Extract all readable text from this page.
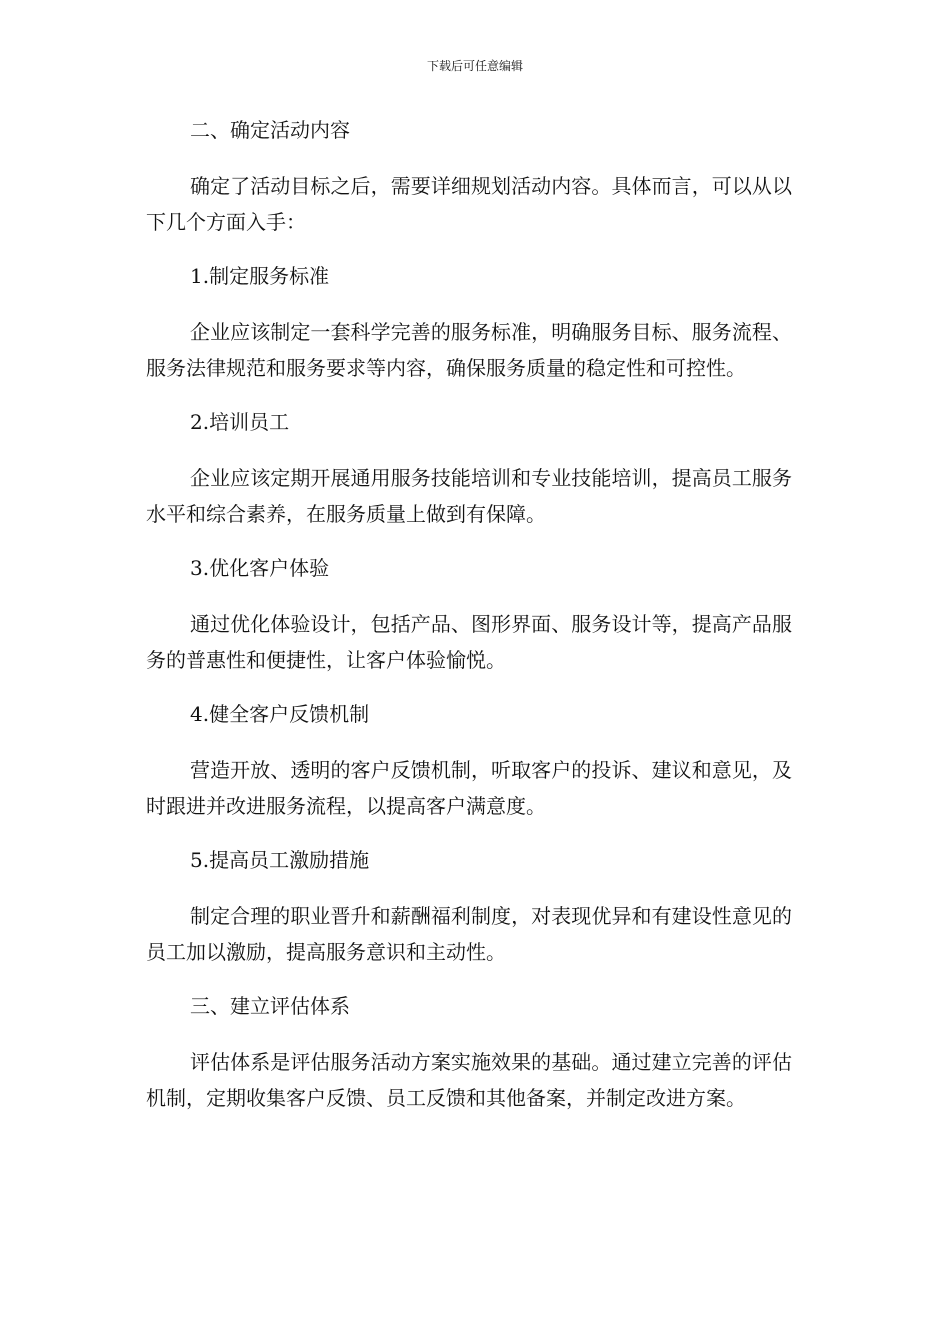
下载后可任意编辑

二、确定活动内容

确定了活动目标之后，需要详细规划活动内容。具体而言，可以从以下几个方面入手：

1.制定服务标准

企业应该制定一套科学完善的服务标准，明确服务目标、服务流程、服务法律规范和服务要求等内容，确保服务质量的稳定性和可控性。

2.培训员工

企业应该定期开展通用服务技能培训和专业技能培训，提高员工服务水平和综合素养，在服务质量上做到有保障。

3.优化客户体验

通过优化体验设计，包括产品、图形界面、服务设计等，提高产品服务的普惠性和便捷性，让客户体验愉悦。

4.健全客户反馈机制

营造开放、透明的客户反馈机制，听取客户的投诉、建议和意见，及时跟进并改进服务流程，以提高客户满意度。

5.提高员工激励措施

制定合理的职业晋升和薪酬福利制度，对表现优异和有建设性意见的员工加以激励，提高服务意识和主动性。

三、建立评估体系

评估体系是评估服务活动方案实施效果的基础。通过建立完善的评估机制，定期收集客户反馈、员工反馈和其他备案，并制定改进方案。
